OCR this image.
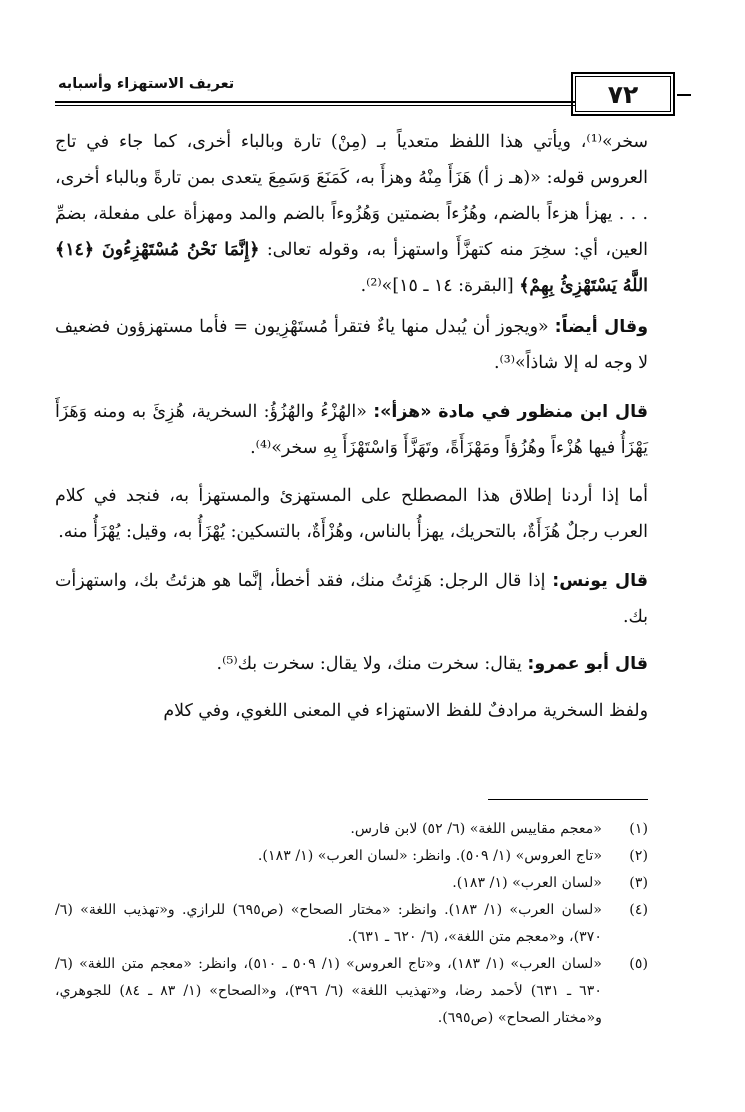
تعريف الاستهزاء وأسبابه	٧٢

سخر»⁽¹⁾، ويأتي هذا اللفظ متعدياً بـ (مِنْ) تارة وبالباء أخرى، كما جاء في تاج العروس قوله: «(هـ ز أ) هَزَأَ مِنْهُ وهزأَ به، كَمَنَعَ وَسَمِعَ يتعدى بمن تارةً وبالباء أخرى، . . . يهزأ هزءاً بالضم، وهُزُءاً بضمتين وَهُزُوءاً بالضم والمد ومهزأة على مفعلة، بضمِّ العين، أي: سخِرَ منه كتهزَّأَ واستهزأ به، وقوله تعالى: ﴿إِنَّمَا نَحْنُ مُسْتَهْزِءُونَ ﴿١٤﴾ اللَّهُ يَسْتَهْزِئُ بِهِمْ﴾ [البقرة: ١٤ ـ ١٥]»⁽²⁾.

وقال أيضاً: «ويجوز أن يُبدل منها ياءٌ فتقرأ مُستَهْزِيون = فأما مستهزؤون فضعيف لا وجه له إلا شاذاً»⁽³⁾.

قال ابن منظور في مادة «هزأ»: «الهُزْءُ والهُزُؤُ: السخرية، هُزِئَ به ومنه وَهَزَأَ يَهْزَأُ فيها هُزْءاً وهُزُؤاً ومَهْزَأَةً، وتَهَزَّأَ وَاسْتَهْزَأَ بِهِ سخر»⁽⁴⁾.

أما إذا أردنا إطلاق هذا المصطلح على المستهزئ والمستهزأ به، فنجد في كلام العرب رجلٌ هُزَأَةٌ، بالتحريك، يهزأُ بالناس، وهُزْأَةٌ، بالتسكين: يُهْزَأُ به، وقيل: يُهْزَأُ منه.

قال يونس: إذا قال الرجل: هَزِئتُ منك، فقد أخطأ، إنَّما هو هزئتُ بك، واستهزأت بك.

قال أبو عمرو: يقال: سخرت منك، ولا يقال: سخرت بك⁽⁵⁾.

ولفظ السخرية مرادفٌ للفظ الاستهزاء في المعنى اللغوي، وفي كلام

(١)
«معجم مقاييس اللغة» (٦/ ٥٢) لابن فارس.
(٢)
«تاج العروس» (١/ ٥٠٩). وانظر: «لسان العرب» (١/ ١٨٣).
(٣)
«لسان العرب» (١/ ١٨٣).
(٤)
«لسان العرب» (١/ ١٨٣). وانظر: «مختار الصحاح» (ص٦٩٥) للرازي. و«تهذيب اللغة» (٦/ ٣٧٠)، و«معجم متن اللغة»، (٦/ ٦٢٠ ـ ٦٣١).
(٥)
«لسان العرب» (١/ ١٨٣)، و«تاج العروس» (١/ ٥٠٩ ـ ٥١٠)، وانظر: «معجم متن اللغة» (٦/ ٦٣٠ ـ ٦٣١) لأحمد رضا، و«تهذيب اللغة» (٦/ ٣٩٦)، و«الصحاح» (١/ ٨٣ ـ ٨٤) للجوهري، و«مختار الصحاح» (ص٦٩٥).
